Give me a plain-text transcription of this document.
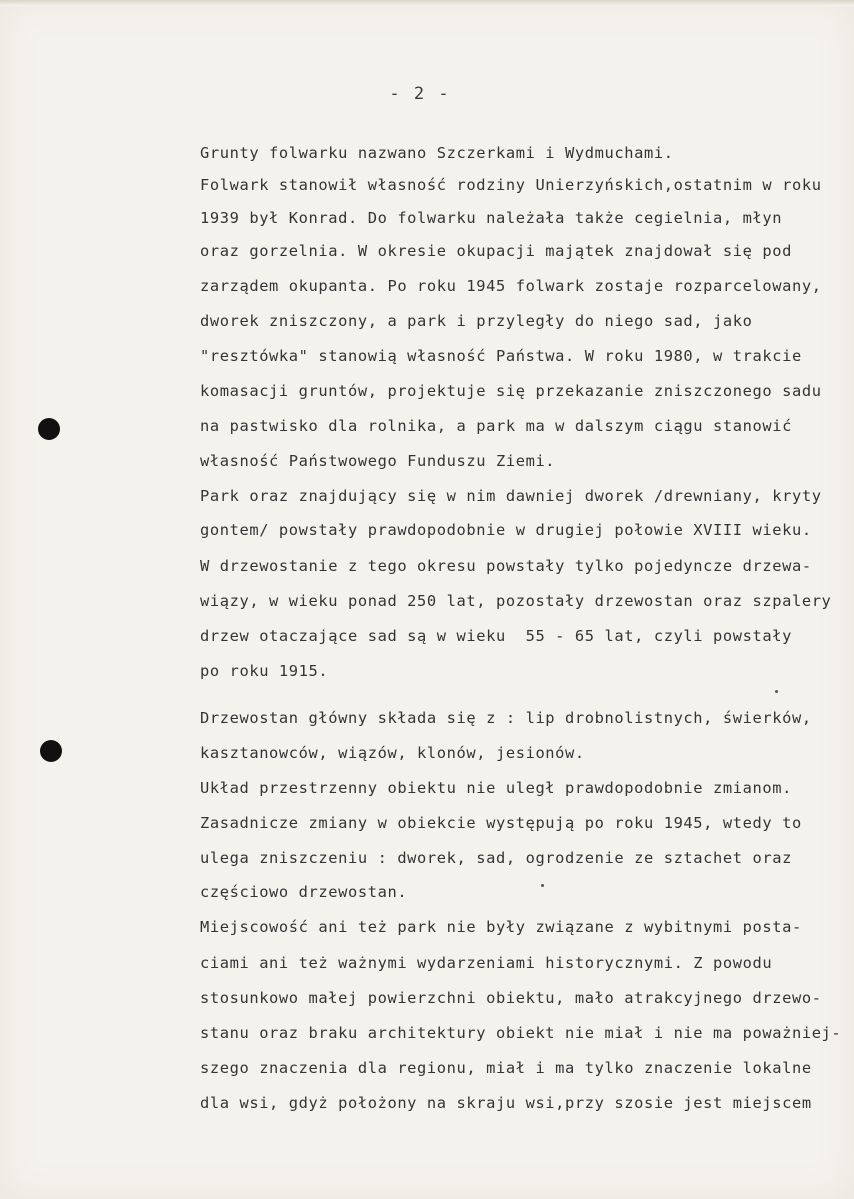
- 2 -
Grunty folwarku nazwano Szczerkami i Wydmuchami.
Folwark stanowił własność rodziny Unierzyńskich,ostatnim w roku
1939 był Konrad. Do folwarku należała także cegielnia, młyn
oraz gorzelnia. W okresie okupacji majątek znajdował się pod
zarządem okupanta. Po roku 1945 folwark zostaje rozparcelowany,
dworek zniszczony, a park i przyległy do niego sad, jako
"resztówka" stanowią własność Państwa. W roku 1980, w trakcie
komasacji gruntów, projektuje się przekazanie zniszczonego sadu
na pastwisko dla rolnika, a park ma w dalszym ciągu stanowić
własność Państwowego Funduszu Ziemi.
Park oraz znajdujący się w nim dawniej dworek /drewniany, kryty
gontem/ powstały prawdopodobnie w drugiej połowie XVIII wieku.
W drzewostanie z tego okresu powstały tylko pojedyncze drzewa-
wiązy, w wieku ponad 250 lat, pozostały drzewostan oraz szpalery
drzew otaczające sad są w wieku  55 - 65 lat, czyli powstały
po roku 1915.
Drzewostan główny składa się z : lip drobnolistnych, świerków,
kasztanowców, wiązów, klonów, jesionów.
Układ przestrzenny obiektu nie uległ prawdopodobnie zmianom.
Zasadnicze zmiany w obiekcie występują po roku 1945, wtedy to
ulega zniszczeniu : dworek, sad, ogrodzenie ze sztachet oraz
częściowo drzewostan.
Miejscowość ani też park nie były związane z wybitnymi posta-
ciami ani też ważnymi wydarzeniami historycznymi. Z powodu
stosunkowo małej powierzchni obiektu, mało atrakcyjnego drzewo-
stanu oraz braku architektury obiekt nie miał i nie ma poważniej-
szego znaczenia dla regionu, miał i ma tylko znaczenie lokalne
dla wsi, gdyż położony na skraju wsi,przy szosie jest miejscem
